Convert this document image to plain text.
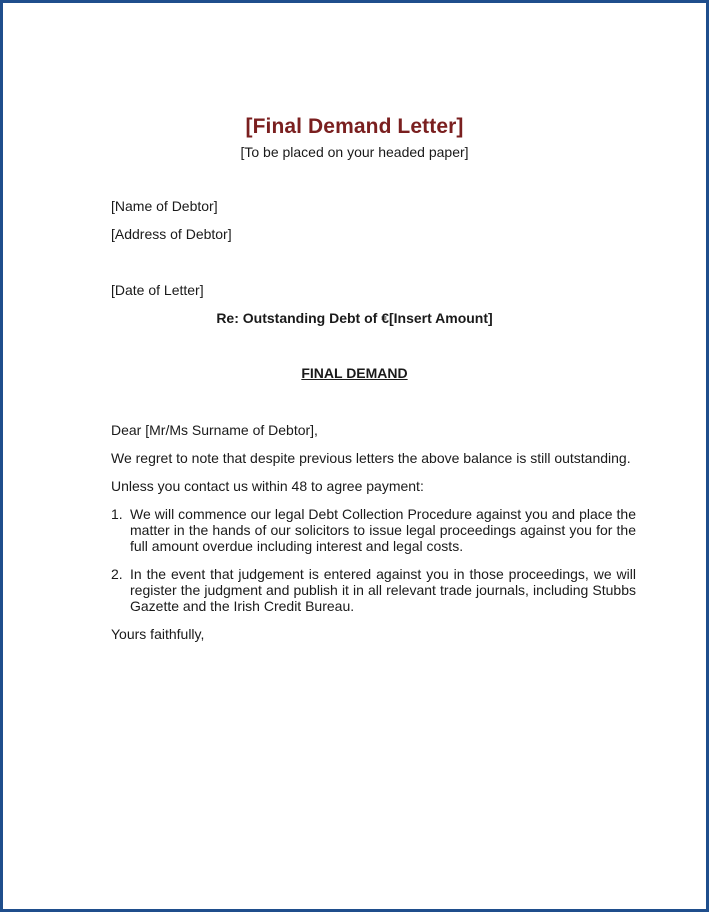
[Final Demand Letter]
[To be placed on your headed paper]
[Name of Debtor]
[Address of Debtor]
[Date of Letter]
Re: Outstanding Debt of €[Insert Amount]
FINAL DEMAND
Dear [Mr/Ms Surname of Debtor],
We regret to note that despite previous letters the above balance is still outstanding.
Unless you contact us within 48 to agree payment:
1. We will commence our legal Debt Collection Procedure against you and place the matter in the hands of our solicitors to issue legal proceedings against you for the full amount overdue including interest and legal costs.
2. In the event that judgement is entered against you in those proceedings, we will register the judgment and publish it in all relevant trade journals, including Stubbs Gazette and the Irish Credit Bureau.
Yours faithfully,
